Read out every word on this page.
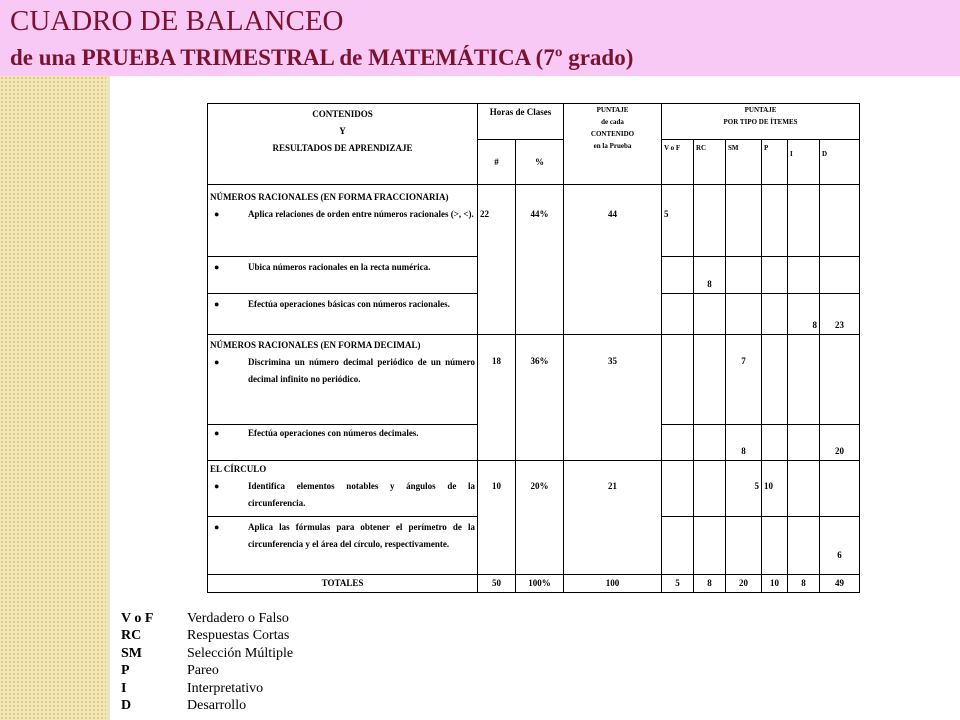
CUADRO DE BALANCEO
de una PRUEBA TRIMESTRAL de MATEMÁTICA (7º grado)
CONTENIDOS
Y
RESULTADOS DE APRENDIZAJE	Horas de Clases		PUNTAJE
de cada
CONTENIDO
en la Prueba	PUNTAJE
POR TIPO DE ÍTEMES					

	#	%		V o F	RC	SM	P	I	D

NÚMEROS RACIONALES (EN FORMA FRACCIONARIA)
● Aplica relaciones de orden entre números racionales (>, <).	22	44%	44	5					

● Ubica números racionales en la recta numérica.					8				

● Efectúa operaciones básicas con números racionales.								8	23

NÚMEROS RACIONALES (EN FORMA DECIMAL)
● Discrimina un número decimal periódico de un número decimal infinito no periódico.	18	36%	35			7			

● Efectúa operaciones con números decimales.						8			20

EL CÍRCULO
● Identifica elementos notables y ángulos de la circunferencia.	10	20%	21			5	10		

● Aplica las fórmulas para obtener el perímetro de la circunferencia y el área del círculo, respectivamente.									6
TOTALES	50	100%	100	5	8	20	10	8	49
V o F	Verdadero o Falso
RC	Respuestas Cortas
SM	Selección Múltiple
P	Pareo
I	Interpretativo
D	Desarrollo
